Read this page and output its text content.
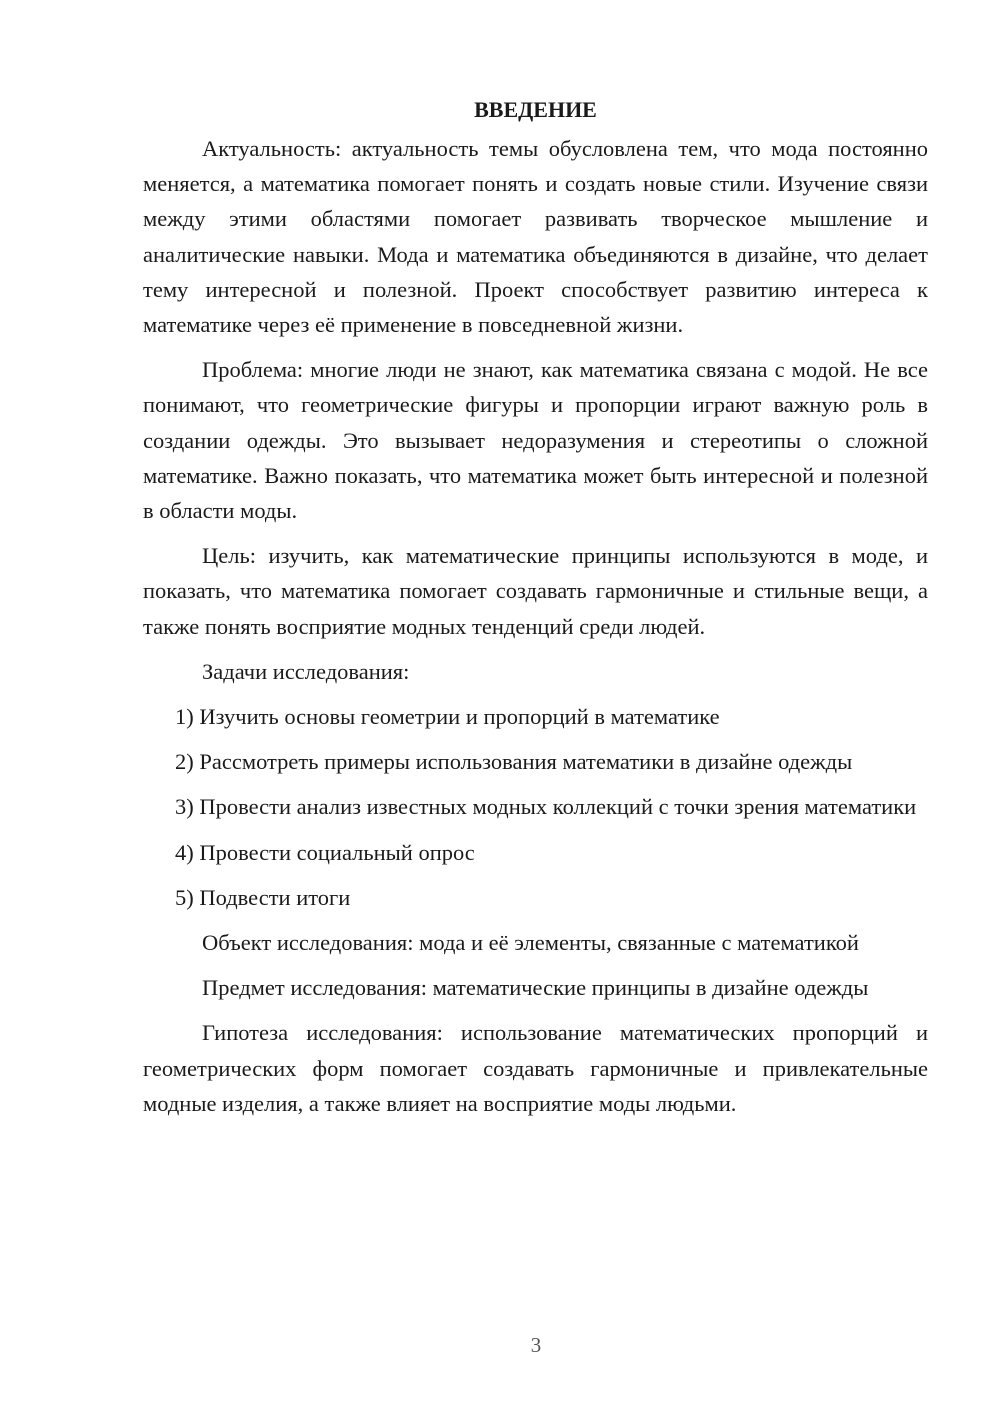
ВВЕДЕНИЕ

Актуальность: актуальность темы обусловлена тем, что мода постоянно меняется, а математика помогает понять и создать новые стили. Изучение связи между этими областями помогает развивать творческое мышление и аналитические навыки. Мода и математика объединяются в дизайне, что делает тему интересной и полезной. Проект способствует развитию интереса к математике через её применение в повседневной жизни.

Проблема: многие люди не знают, как математика связана с модой. Не все понимают, что геометрические фигуры и пропорции играют важную роль в создании одежды. Это вызывает недоразумения и стереотипы о сложной математике. Важно показать, что математика может быть интересной и полезной в области моды.

Цель: изучить, как математические принципы используются в моде, и показать, что математика помогает создавать гармоничные и стильные вещи, а также понять восприятие модных тенденций среди людей.

Задачи исследования:

1) Изучить основы геометрии и пропорций в математике

2) Рассмотреть примеры использования математики в дизайне одежды

3) Провести анализ известных модных коллекций с точки зрения математики

4) Провести социальный опрос

5) Подвести итоги

Объект исследования: мода и её элементы, связанные с математикой

Предмет исследования: математические принципы в дизайне одежды

Гипотеза исследования: использование математических пропорций и геометрических форм помогает создавать гармоничные и привлекательные модные изделия, а также влияет на восприятие моды людьми.

3
